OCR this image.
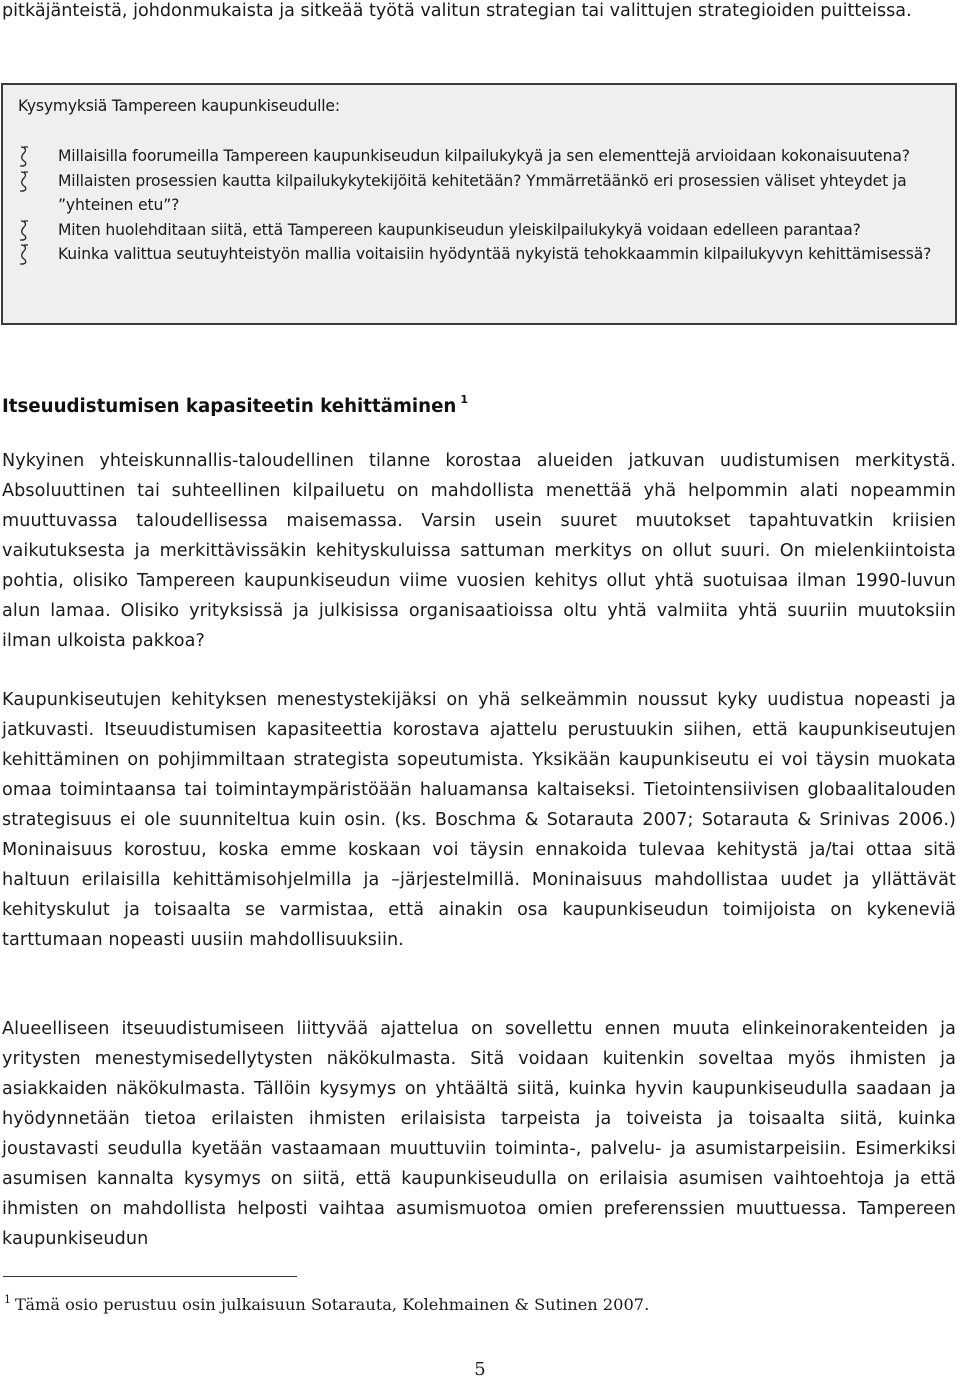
pitkäjänteistä, johdonmukaista ja sitkeää työtä valitun strategian tai valittujen strategioiden puitteissa.

Kysymyksiä Tampereen kaupunkiseudulle:

Millaisilla foorumeilla Tampereen kaupunkiseudun kilpailukykyä ja sen elementtejä arvioidaan kokonaisuutena?
Millaisten prosessien kautta kilpailukykytekijöitä kehitetään? Ymmärretäänkö eri prosessien väliset yhteydet ja ”yhteinen etu”?
Miten huolehditaan siitä, että Tampereen kaupunkiseudun yleiskilpailukykyä voidaan edelleen parantaa?
Kuinka valittua seutuyhteistyön mallia voitaisiin hyödyntää nykyistä tehokkaammin kilpailukyvyn kehittämisessä?
Itseuudistumisen kapasiteetin kehittäminen $^1$

Nykyinen yhteiskunnallis-taloudellinen tilanne korostaa alueiden jatkuvan uudistumisen merkitystä. Absoluuttinen tai suhteellinen kilpailuetu on mahdollista menettää yhä helpommin alati nopeammin muuttuvassa taloudellisessa maisemassa. Varsin usein suuret muutokset tapahtuvatkin kriisien vaikutuksesta ja merkittävissäkin kehityskuluissa sattuman merkitys on ollut suuri. On mielenkiintoista pohtia, olisiko Tampereen kaupunkiseudun viime vuosien kehitys ollut yhtä suotuisaa ilman 1990-luvun alun lamaa. Olisiko yrityksissä ja julkisissa organisaatioissa oltu yhtä valmiita yhtä suuriin muutoksiin ilman ulkoista pakkoa?

Kaupunkiseutujen kehityksen menestystekijäksi on yhä selkeämmin noussut kyky uudistua nopeasti ja jatkuvasti. Itseuudistumisen kapasiteettia korostava ajattelu perustuukin siihen, että kaupunkiseutujen kehittäminen on pohjimmiltaan strategista sopeutumista. Yksikään kaupunkiseutu ei voi täysin muokata omaa toimintaansa tai toimintaympäristöään haluamansa kaltaiseksi. Tietointensiivisen globaalitalouden strategisuus ei ole suunniteltua kuin osin. (ks. Boschma & Sotarauta 2007; Sotarauta & Srinivas 2006.) Moninaisuus korostuu, koska emme koskaan voi täysin ennakoida tulevaa kehitystä ja/tai ottaa sitä haltuun erilaisilla kehittämisohjelmilla ja –järjestelmillä. Moninaisuus mahdollistaa uudet ja yllättävät kehityskulut ja toisaalta se varmistaa, että ainakin osa kaupunkiseudun toimijoista on kykeneviä tarttumaan nopeasti uusiin mahdollisuuksiin.

Alueelliseen itseuudistumiseen liittyvää ajattelua on sovellettu ennen muuta elinkeinorakenteiden ja yritysten menestymisedellytysten näkökulmasta. Sitä voidaan kuitenkin soveltaa myös ihmisten ja asiakkaiden näkökulmasta. Tällöin kysymys on yhtäältä siitä, kuinka hyvin kaupunkiseudulla saadaan ja hyödynnetään tietoa erilaisten ihmisten erilaisista tarpeista ja toiveista ja toisaalta siitä, kuinka joustavasti seudulla kyetään vastaamaan muuttuviin toiminta-, palvelu- ja asumistarpeisiin. Esimerkiksi asumisen kannalta kysymys on siitä, että kaupunkiseudulla on erilaisia asumisen vaihtoehtoja ja että ihmisten on mahdollista helposti vaihtaa asumismuotoa omien preferenssien muuttuessa. Tampereen kaupunkiseudun

$^1$ Tämä osio perustuu osin julkaisuun Sotarauta, Kolehmainen & Sutinen 2007.

5
